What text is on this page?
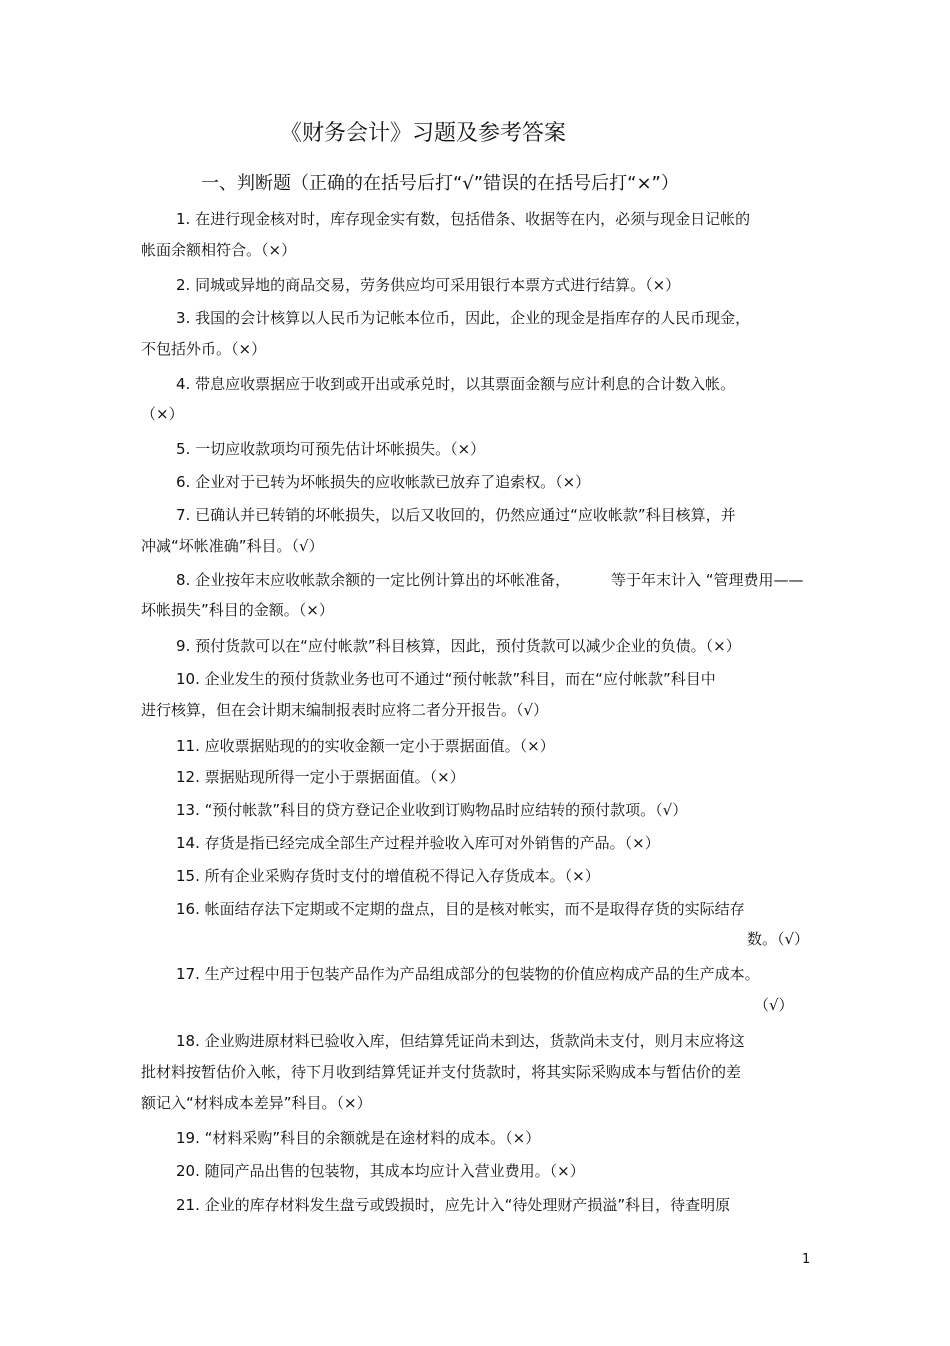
《财务会计》习题及参考答案
一、判断题（正确的在括号后打“√”错误的在括号后打“×”）
1. 在进行现金核对时，库存现金实有数，包括借条、收据等在内，必须与现金日记帐的
帐面余额相符合。（×）
2. 同城或异地的商品交易，劳务供应均可采用银行本票方式进行结算。（×）
3. 我国的会计核算以人民币为记帐本位币，因此，企业的现金是指库存的人民币现金，
不包括外币。（×）
4. 带息应收票据应于收到或开出或承兑时，以其票面金额与应计利息的合计数入帐。
（×）
5. 一切应收款项均可预先估计坏帐损失。（×）
6. 企业对于已转为坏帐损失的应收帐款已放弃了追索权。（×）
7. 已确认并已转销的坏帐损失，以后又收回的，仍然应通过“应收帐款”科目核算，并
冲减“坏帐准确”科目。（√）
8. 企业按年末应收帐款余额的一定比例计算出的坏帐准备，	等于年末计入 “管理费用——
坏帐损失”科目的金额。（×）
9. 预付货款可以在“应付帐款”科目核算，因此，预付货款可以减少企业的负债。（×）
10. 企业发生的预付货款业务也可不通过“预付帐款”科目，而在“应付帐款”科目中
进行核算，但在会计期末编制报表时应将二者分开报告。（√）
11. 应收票据贴现的的实收金额一定小于票据面值。（×）
12. 票据贴现所得一定小于票据面值。（×）
13. “预付帐款”科目的贷方登记企业收到订购物品时应结转的预付款项。（√）
14. 存货是指已经完成全部生产过程并验收入库可对外销售的产品。（×）
15. 所有企业采购存货时支付的增值税不得记入存货成本。（×）
16. 帐面结存法下定期或不定期的盘点，目的是核对帐实，而不是取得存货的实际结存
数。（√）
17. 生产过程中用于包装产品作为产品组成部分的包装物的价值应构成产品的生产成本。
（√）
18. 企业购进原材料已验收入库，但结算凭证尚未到达，货款尚未支付，则月末应将这
批材料按暂估价入帐，待下月收到结算凭证并支付货款时，将其实际采购成本与暂估价的差
额记入“材料成本差异”科目。（×）
19. “材料采购”科目的余额就是在途材料的成本。（×）
20. 随同产品出售的包装物，其成本均应计入营业费用。（×）
21. 企业的库存材料发生盘亏或毁损时，应先计入“待处理财产损溢”科目，待查明原
1
